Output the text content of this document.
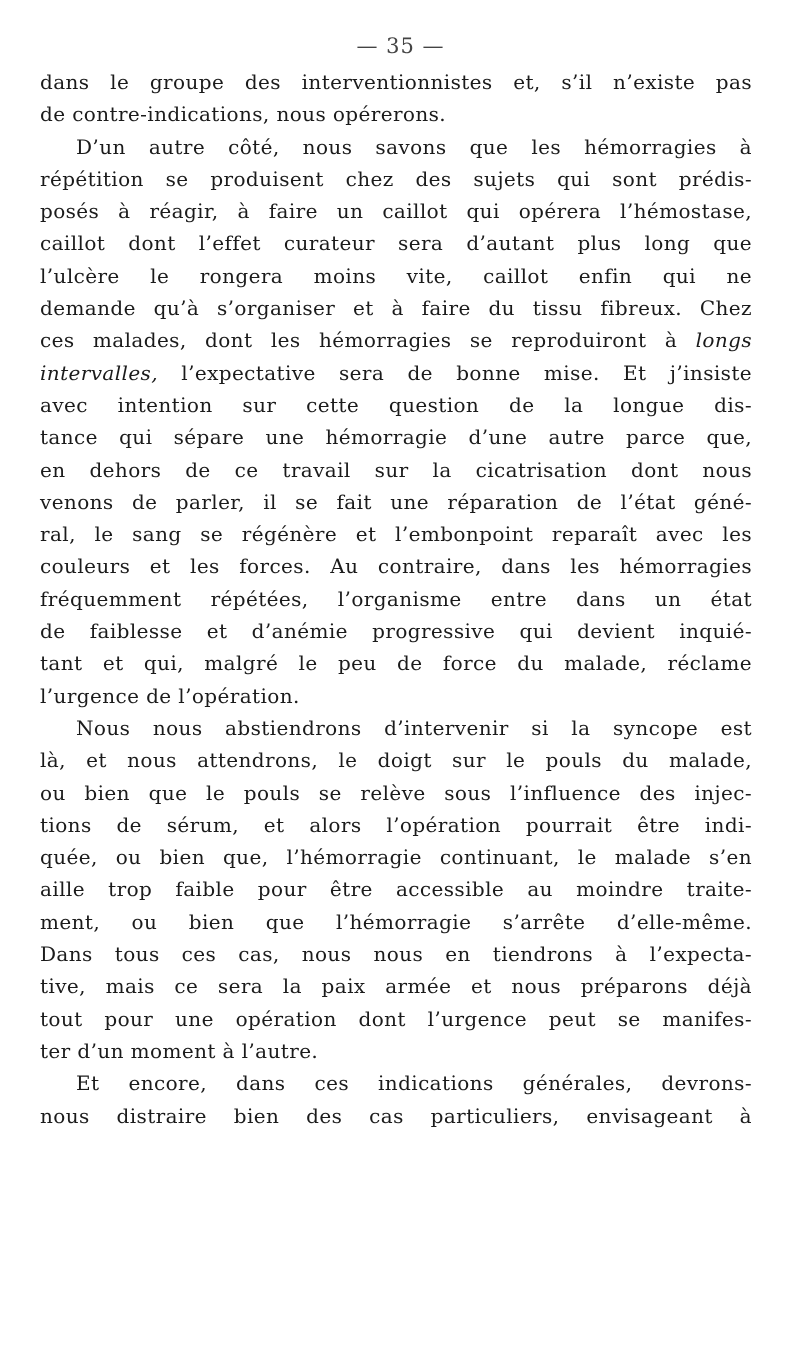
— 35 —
dans le groupe des interventionnistes et, s’il n’existe pas
de contre-indications, nous opérerons.
D’un autre côté, nous savons que les hémorragies à
répétition se produisent chez des sujets qui sont prédis-
posés à réagir, à faire un caillot qui opérera l’hémostase,
caillot dont l’effet curateur sera d’autant plus long que
l’ulcère le rongera moins vite, caillot enfin qui ne
demande qu’à s’organiser et à faire du tissu fibreux. Chez
ces malades, dont les hémorragies se reproduiront à longs
intervalles, l’expectative sera de bonne mise. Et j’insiste
avec intention sur cette question de la longue dis-
tance qui sépare une hémorragie d’une autre parce que,
en dehors de ce travail sur la cicatrisation dont nous
venons de parler, il se fait une réparation de l’état géné-
ral, le sang se régénère et l’embonpoint reparaît avec les
couleurs et les forces. Au contraire, dans les hémorragies
fréquemment répétées, l’organisme entre dans un état
de faiblesse et d’anémie progressive qui devient inquié-
tant et qui, malgré le peu de force du malade, réclame
l’urgence de l’opération.
Nous nous abstiendrons d’intervenir si la syncope est
là, et nous attendrons, le doigt sur le pouls du malade,
ou bien que le pouls se relève sous l’influence des injec-
tions de sérum, et alors l’opération pourrait être indi-
quée, ou bien que, l’hémorragie continuant, le malade s’en
aille trop faible pour être accessible au moindre traite-
ment, ou bien que l’hémorragie s’arrête d’elle-même.
Dans tous ces cas, nous nous en tiendrons à l’expecta-
tive, mais ce sera la paix armée et nous préparons déjà
tout pour une opération dont l’urgence peut se manifes-
ter d’un moment à l’autre.
Et encore, dans ces indications générales, devrons-
nous distraire bien des cas particuliers, envisageant à
